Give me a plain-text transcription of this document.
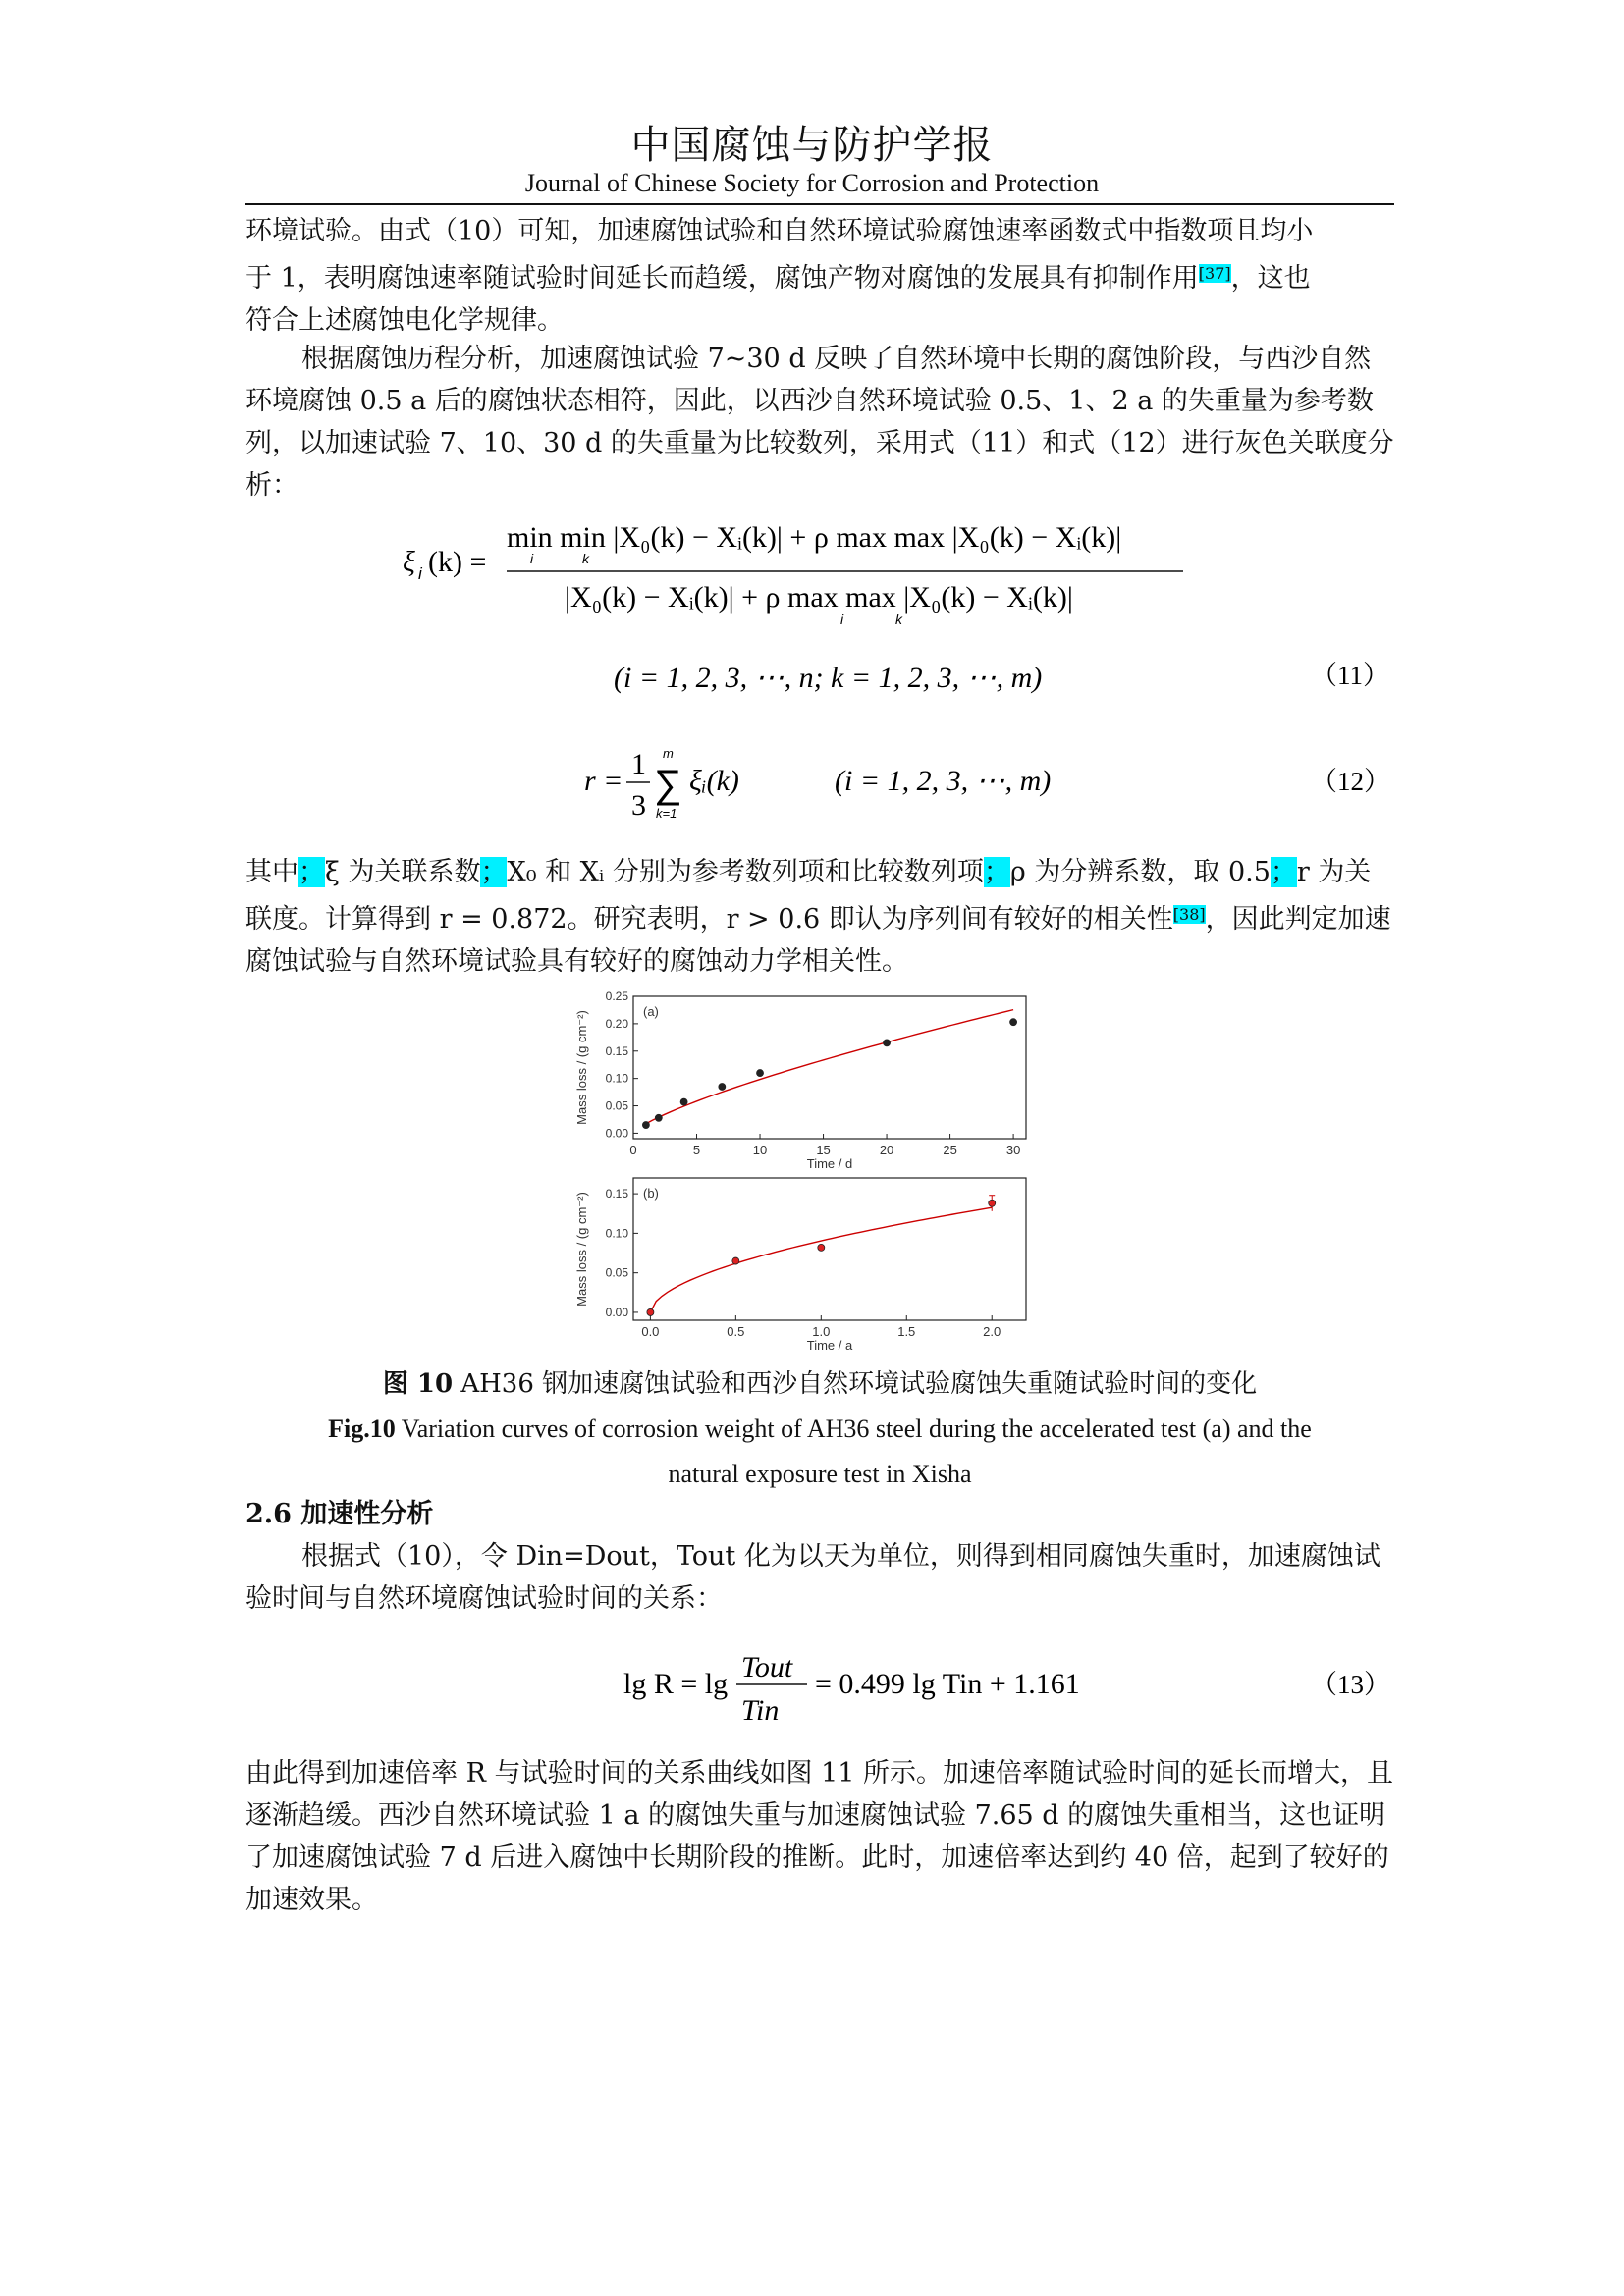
中国腐蚀与防护学报
Journal of Chinese Society for Corrosion and Protection

环境试验。由式（10）可知，加速腐蚀试验和自然环境试验腐蚀速率函数式中指数项且均小

于 1，表明腐蚀速率随试验时间延长而趋缓，腐蚀产物对腐蚀的发展具有抑制作用[37]，这也

符合上述腐蚀电化学规律。

根据腐蚀历程分析，加速腐蚀试验 7~30 d 反映了自然环境中长期的腐蚀阶段，与西沙自然环境腐蚀 0.5 a 后的腐蚀状态相符，因此，以西沙自然环境试验 0.5、1、2 a 的失重量为参考数列，以加速试验 7、10、30 d 的失重量为比较数列，采用式（11）和式（12）进行灰色关联度分析：

ξ i (k) =
min min |X₀(k) − Xᵢ(k)| + ρ max max |X₀(k) − Xᵢ(k)|
i	k
|X₀(k) − Xᵢ(k)| + ρ max max |X₀(k) − Xᵢ(k)|
i	k
(i = 1, 2, 3, ⋯, n; k = 1, 2, 3, ⋯, m)	（11）
r =
1
3
m
∑
k=1
ξᵢ(k)	(i = 1, 2, 3, ⋯, m)	（12）

其中；ξ 为关联系数；X₀ 和 Xᵢ 分别为参考数列项和比较数列项；ρ 为分辨系数，取 0.5；r 为关联度。计算得到 r = 0.872。研究表明，r > 0.6 即认为序列间有较好的相关性[38]，因此判定加速腐蚀试验与自然环境试验具有较好的腐蚀动力学相关性。

0	5	10	15	20	25	30
0.00
0.05
0.10
0.15
0.20
0.25
Time / d
Mass loss / (g cm⁻²)	(a)
0.0	0.5	1.0	1.5	2.0
0.00
0.05
0.10
0.15
Time / a
Mass loss / (g cm⁻²)	(b)
图 10 AH36 钢加速腐蚀试验和西沙自然环境试验腐蚀失重随试验时间的变化
Fig.10 Variation curves of corrosion weight of AH36 steel during the accelerated test (a) and the
natural exposure test in Xisha
2.6 加速性分析

根据式（10），令 Din=Dout，Tout 化为以天为单位，则得到相同腐蚀失重时，加速腐蚀试验时间与自然环境腐蚀试验时间的关系：

lg R = lg
Tout
Tin
= 0.499 lg Tin + 1.161	（13）

由此得到加速倍率 R 与试验时间的关系曲线如图 11 所示。加速倍率随试验时间的延长而增大，且逐渐趋缓。西沙自然环境试验 1 a 的腐蚀失重与加速腐蚀试验 7.65 d 的腐蚀失重相当，这也证明了加速腐蚀试验 7 d 后进入腐蚀中长期阶段的推断。此时，加速倍率达到约 40 倍，起到了较好的加速效果。
